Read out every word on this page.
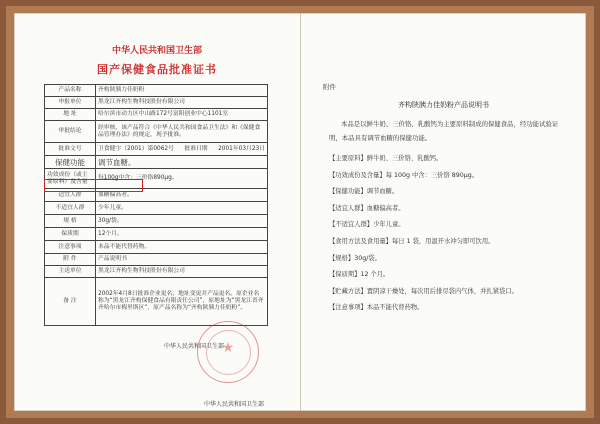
中华人民共和国卫生部
国产保健食品批准证书
产品名称	齐构陕胰力佳奶粉
申报单位	黑龙江齐构生物科技股份有限公司
地 址	哈尔滨市动力区中山路172号富阳创业中心1101室
审批结论	经审核，该产品符合《中华人民共和国食品卫生法》和《保健食品管理办法》的规定，现予批准。
批准文号	卫食健字（2001）第0062号 批准日期 2001年03月23日

保健功能	调节血糖。
功效成份（或主要原料）及含量	每100g中含：三价铬890μg。
适宜人群	血糖偏高者。
不适宜人群	少年儿童。
规 格	30g/袋。
保质期	12个月。
注意事项	本品不能代替药物。
附 件	产品说明书
主送单位	黑龙江齐构生物科技股份有限公司
备 注	2002年4月8日批准企业更名、地址变更并产品更名。原企业名称为“黑龙江齐构保健食品有限责任公司”，原地址为“黑龙江省齐齐哈尔市梅里斯区”，原产品名称为“齐构陕胰力佳奶粉”。
中华人民共和国卫生部
★
中华人民共和国卫生部
附件
齐构陕胰力佳奶粉产品说明书
本品是以鲜牛奶、三价铬、乳酸钙为主要原料制成的保健食品，经功能试验证明，本品具有调节血糖的保健功能。
【主要原料】鲜牛奶、三价铬、乳酸钙。
【功效成份及含量】每 100g 中含：三价铬 890μg。
【保健功能】调节血糖。
【适宜人群】血糖偏高者。
【不适宜人群】少年儿童。
【食用方法及食用量】每日 1 袋，用温开水冲匀即可饮用。
【规格】30g/袋。
【保质期】12 个月。
【贮藏方法】置阴凉干燥处，每次用后排尽袋内气体，并扎紧袋口。
【注意事项】本品不能代替药物。
